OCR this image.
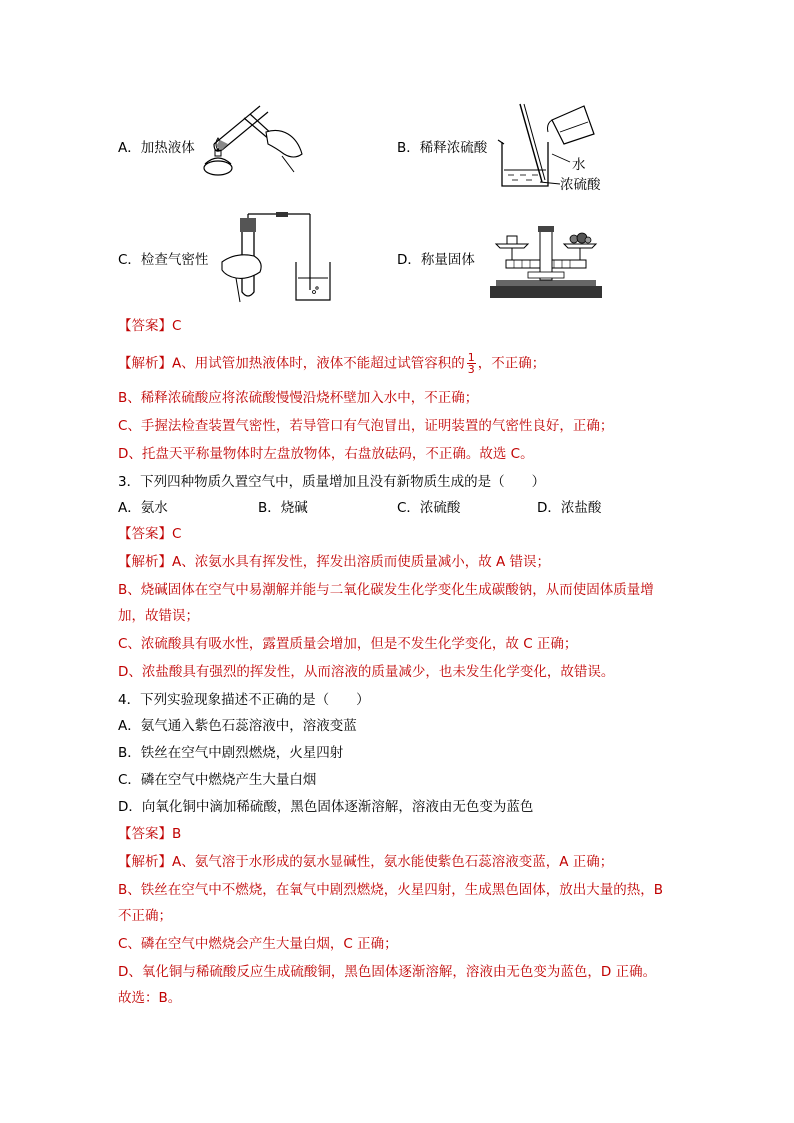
A．加热液体	B．稀释浓硫酸
水
浓硫酸
C．检查气密性	D．称量固体
【答案】C
【解析】A、用试管加热液体时，液体不能超过试管容积的 $\frac{1}{3}$ ，不正确；
B、稀释浓硫酸应将浓硫酸慢慢沿烧杯壁加入水中，不正确；
C、手握法检查装置气密性，若导管口有气泡冒出，证明装置的气密性良好，正确；
D、托盘天平称量物体时左盘放物体，右盘放砝码，不正确。故选 C。
3．下列四种物质久置空气中，质量增加且没有新物质生成的是（　　）
A．氨水	B．烧碱	C．浓硫酸	D．浓盐酸
【答案】C
【解析】A、浓氨水具有挥发性，挥发出溶质而使质量减小，故 A 错误；
B、烧碱固体在空气中易潮解并能与二氧化碳发生化学变化生成碳酸钠，从而使固体质量增
加，故错误；
C、浓硫酸具有吸水性，露置质量会增加，但是不发生化学变化，故 C 正确；
D、浓盐酸具有强烈的挥发性，从而溶液的质量减少，也未发生化学变化，故错误。
4．下列实验现象描述不正确的是（　　）
A．氨气通入紫色石蕊溶液中，溶液变蓝
B．铁丝在空气中剧烈燃烧，火星四射
C．磷在空气中燃烧产生大量白烟
D．向氧化铜中滴加稀硫酸，黑色固体逐渐溶解，溶液由无色变为蓝色
【答案】B
【解析】A、氨气溶于水形成的氨水显碱性，氨水能使紫色石蕊溶液变蓝，A 正确；
B、铁丝在空气中不燃烧，在氧气中剧烈燃烧，火星四射，生成黑色固体，放出大量的热，B
不正确；
C、磷在空气中燃烧会产生大量白烟，C 正确；
D、氧化铜与稀硫酸反应生成硫酸铜，黑色固体逐渐溶解，溶液由无色变为蓝色，D 正确。
故选：B。
